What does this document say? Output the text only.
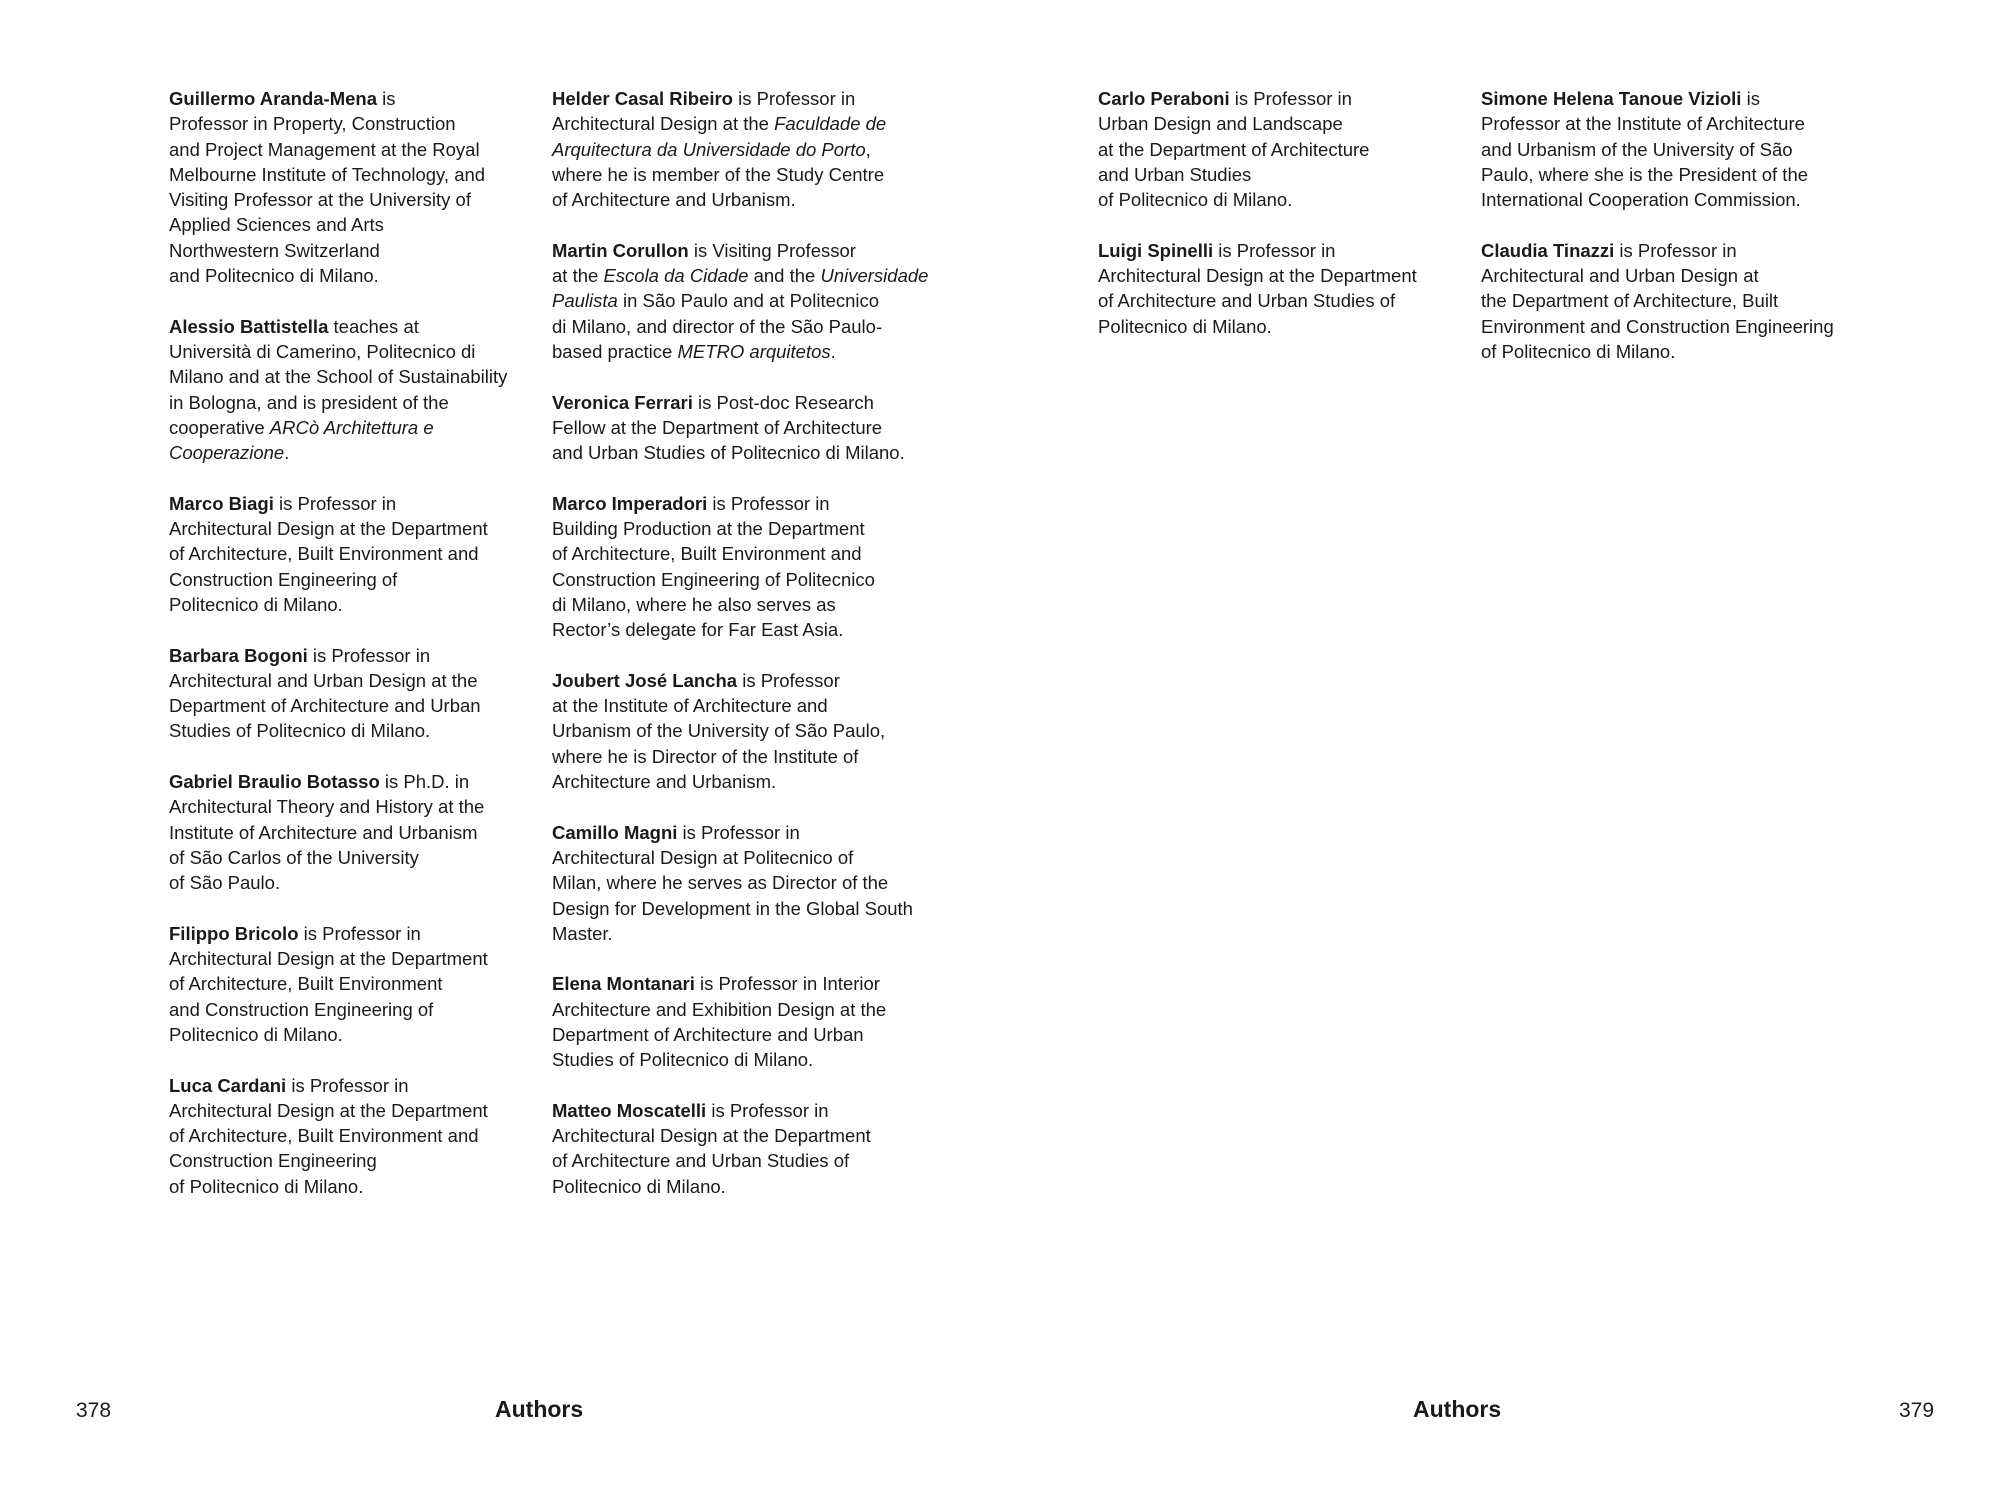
Guillermo Aranda-Mena is
Professor in Property, Construction
and Project Management at the Royal
Melbourne Institute of Technology, and
Visiting Professor at the University of
Applied Sciences and Arts
Northwestern Switzerland
and Politecnico di Milano.

Alessio Battistella teaches at
Università di Camerino, Politecnico di
Milano and at the School of Sustainability
in Bologna, and is president of the
cooperative ARCò Architettura e
Cooperazione.

Marco Biagi is Professor in
Architectural Design at the Department
of Architecture, Built Environment and
Construction Engineering of
Politecnico di Milano.

Barbara Bogoni is Professor in
Architectural and Urban Design at the
Department of Architecture and Urban
Studies of Politecnico di Milano.

Gabriel Braulio Botasso is Ph.D. in
Architectural Theory and History at the
Institute of Architecture and Urbanism
of São Carlos of the University
of São Paulo.

Filippo Bricolo is Professor in
Architectural Design at the Department
of Architecture, Built Environment
and Construction Engineering of
Politecnico di Milano.

Luca Cardani is Professor in
Architectural Design at the Department
of Architecture, Built Environment and
Construction Engineering
of Politecnico di Milano.

Helder Casal Ribeiro is Professor in
Architectural Design at the Faculdade de
Arquitectura da Universidade do Porto,
where he is member of the Study Centre
of Architecture and Urbanism.

Martin Corullon is Visiting Professor
at the Escola da Cidade and the Universidade
Paulista in São Paulo and at Politecnico
di Milano, and director of the São Paulo-
based practice METRO arquitetos.

Veronica Ferrari is Post-doc Research
Fellow at the Department of Architecture
and Urban Studies of Politecnico di Milano.

Marco Imperadori is Professor in
Building Production at the Department
of Architecture, Built Environment and
Construction Engineering of Politecnico
di Milano, where he also serves as
Rector’s delegate for Far East Asia.

Joubert José Lancha is Professor
at the Institute of Architecture and
Urbanism of the University of São Paulo,
where he is Director of the Institute of
Architecture and Urbanism.

Camillo Magni is Professor in
Architectural Design at Politecnico of
Milan, where he serves as Director of the
Design for Development in the Global South
Master.

Elena Montanari is Professor in Interior
Architecture and Exhibition Design at the
Department of Architecture and Urban
Studies of Politecnico di Milano.

Matteo Moscatelli is Professor in
Architectural Design at the Department
of Architecture and Urban Studies of
Politecnico di Milano.

Carlo Peraboni is Professor in
Urban Design and Landscape
at the Department of Architecture
and Urban Studies
of Politecnico di Milano.

Luigi Spinelli is Professor in
Architectural Design at the Department
of Architecture and Urban Studies of
Politecnico di Milano.

Simone Helena Tanoue Vizioli is
Professor at the Institute of Architecture
and Urbanism of the University of São
Paulo, where she is the President of the
International Cooperation Commission.

Claudia Tinazzi is Professor in
Architectural and Urban Design at
the Department of Architecture, Built
Environment and Construction Engineering
of Politecnico di Milano.

378	Authors	Authors	379
